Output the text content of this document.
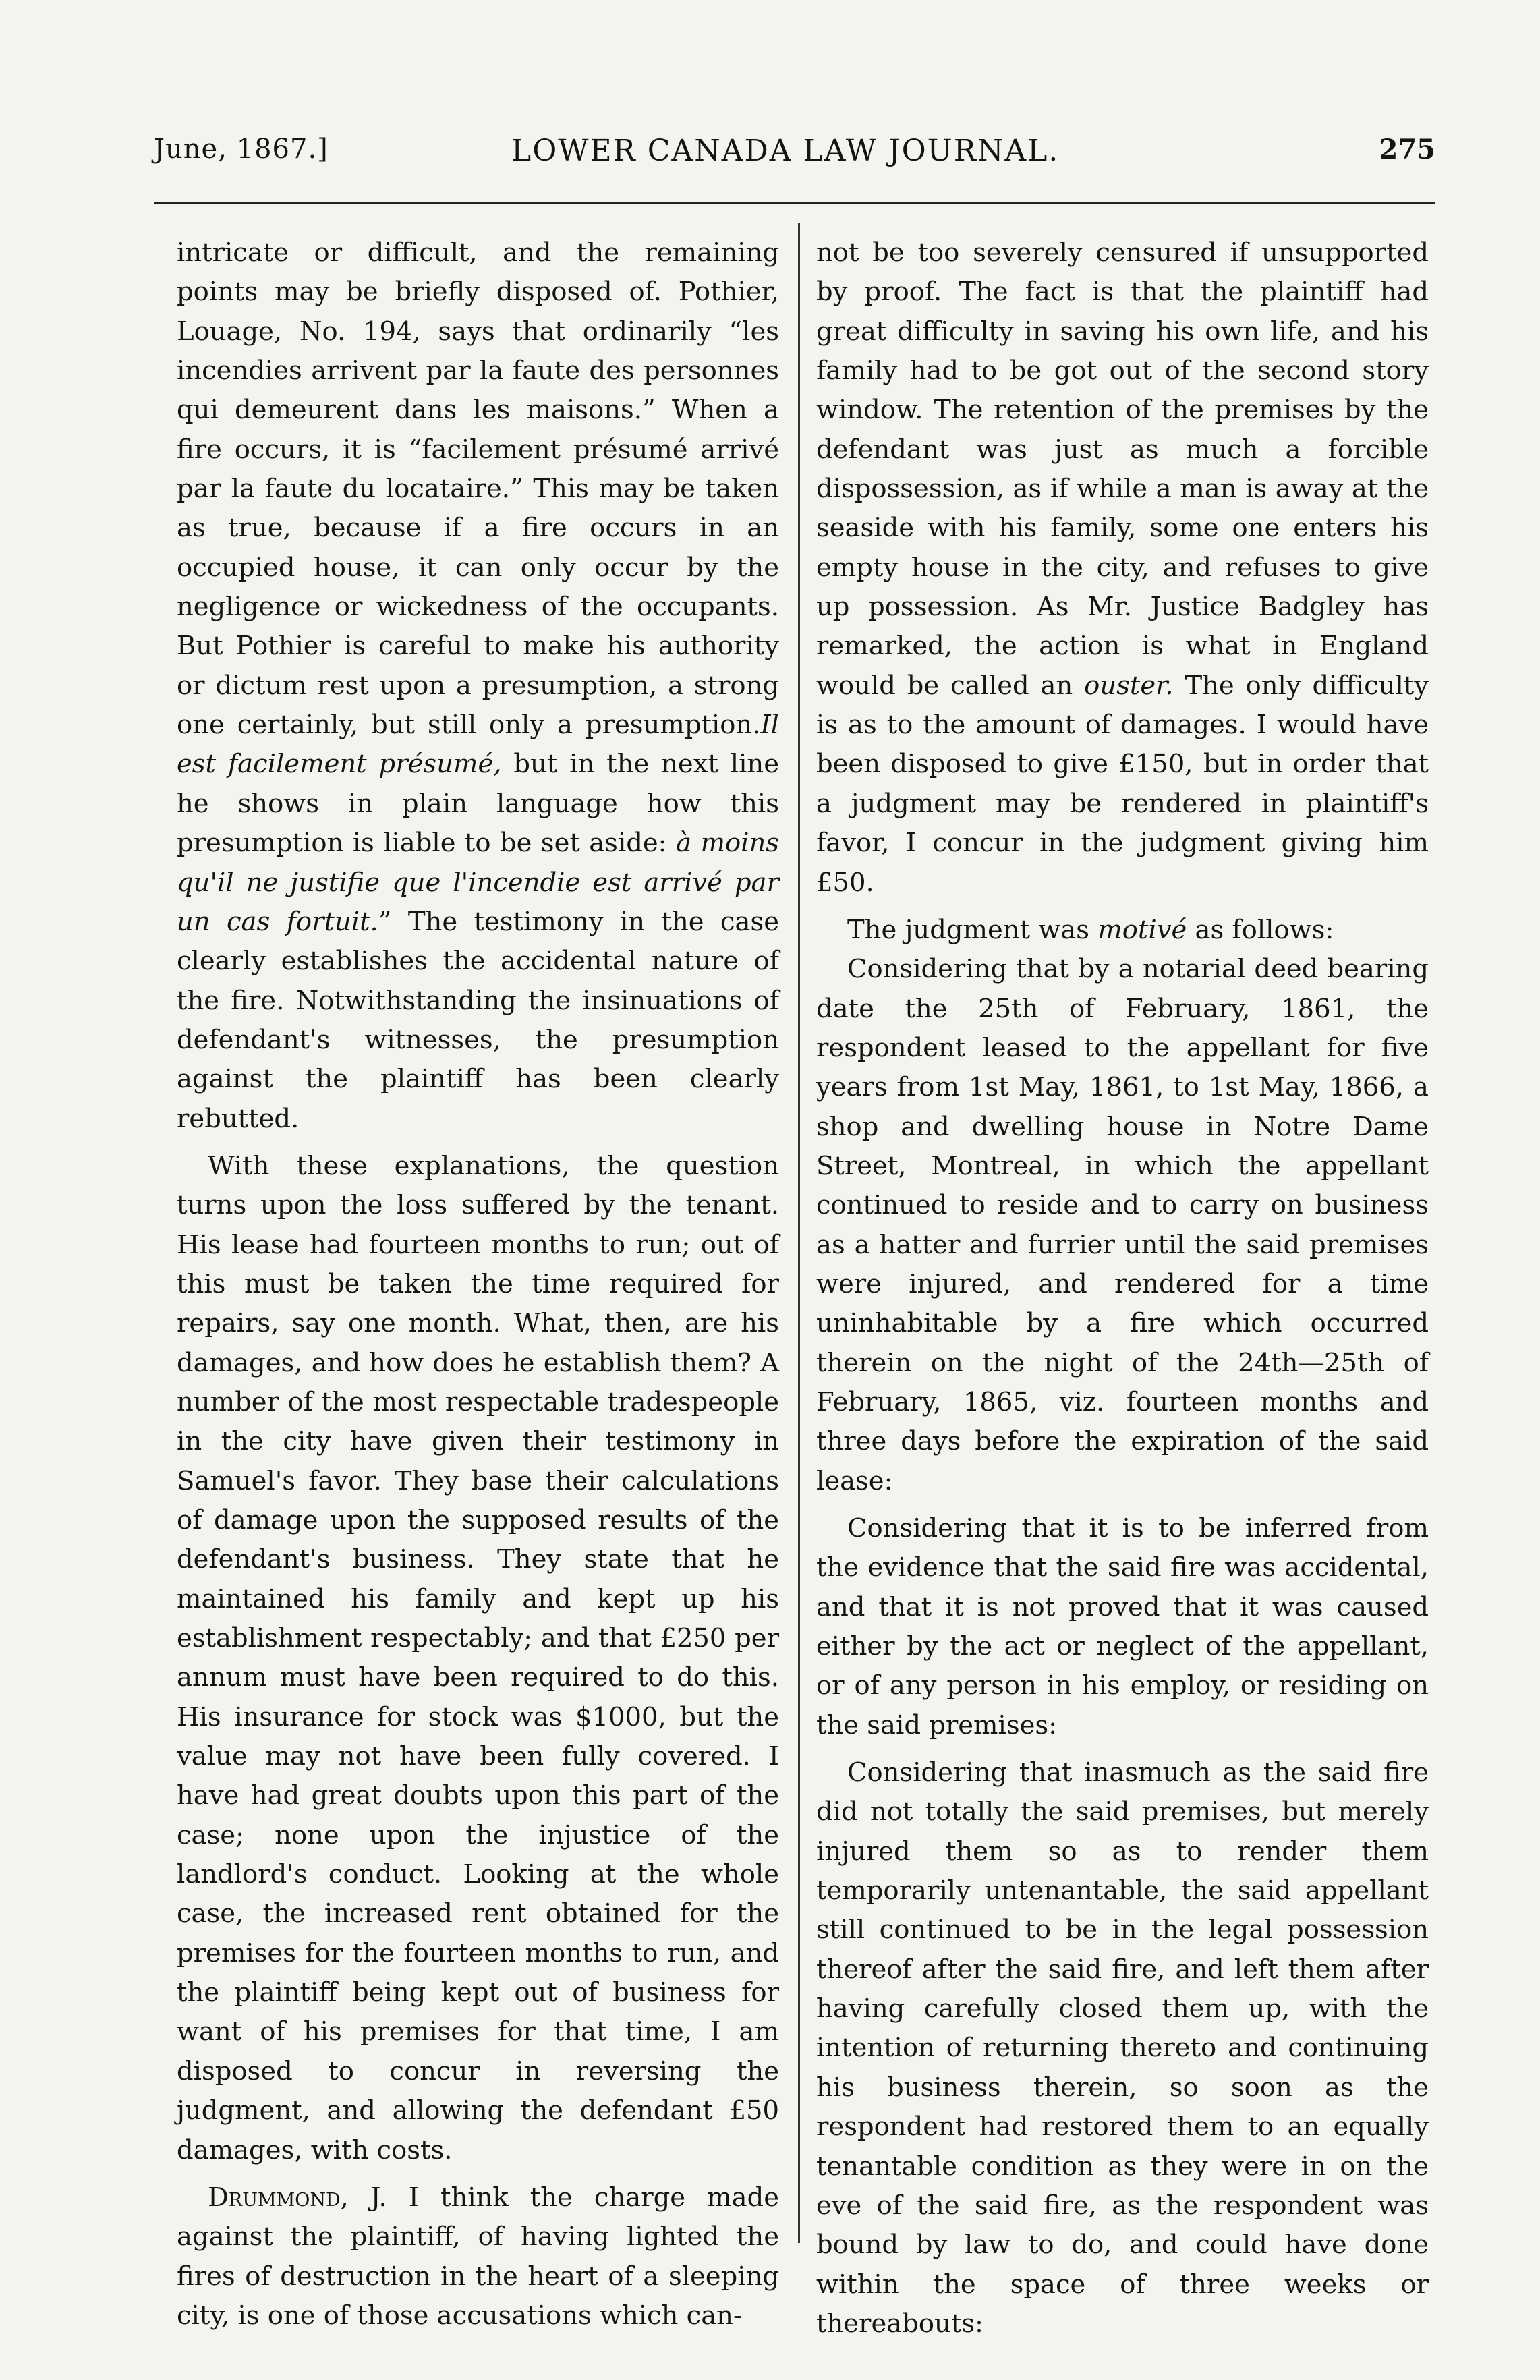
June, 1867.]	LOWER CANADA LAW JOURNAL.	275

intricate or difficult, and the remaining points may be briefly disposed of. Pothier, Louage, No. 194, says that ordinarily “les incendies arrivent par la faute des personnes qui demeurent dans les maisons.” When a fire occurs, it is “facilement présumé arrivé par la faute du locataire.” This may be taken as true, because if a fire occurs in an occupied house, it can only occur by the negligence or wickedness of the occupants. But Pothier is careful to make his authority or dictum rest upon a presumption, a strong one certainly, but still only a presumption.Il est facilement présumé, but in the next line he shows in plain language how this presumption is liable to be set aside: à moins qu'il ne justifie que l'incendie est arrivé par un cas fortuit.” The testimony in the case clearly establishes the accidental nature of the fire. Notwithstanding the insinuations of defendant's witnesses, the presumption against the plaintiff has been clearly rebutted.

With these explanations, the question turns upon the loss suffered by the tenant. His lease had fourteen months to run; out of this must be taken the time required for repairs, say one month. What, then, are his damages, and how does he establish them? A number of the most respectable tradespeople in the city have given their testimony in Samuel's favor. They base their calculations of damage upon the supposed results of the defendant's business. They state that he maintained his family and kept up his establishment respectably; and that £250 per annum must have been required to do this. His insurance for stock was $1000, but the value may not have been fully covered. I have had great doubts upon this part of the case; none upon the injustice of the landlord's conduct. Looking at the whole case, the increased rent obtained for the premises for the fourteen months to run, and the plaintiff being kept out of business for want of his premises for that time, I am disposed to concur in reversing the judgment, and allowing the defendant £50 damages, with costs.

Drummond, J. I think the charge made against the plaintiff, of having lighted the fires of destruction in the heart of a sleeping city, is one of those accusations which can-

not be too severely censured if unsupported by proof. The fact is that the plaintiff had great difficulty in saving his own life, and his family had to be got out of the second story window. The retention of the premises by the defendant was just as much a forcible dispossession, as if while a man is away at the seaside with his family, some one enters his empty house in the city, and refuses to give up possession. As Mr. Justice Badgley has remarked, the action is what in England would be called an ouster. The only difficulty is as to the amount of damages. I would have been disposed to give £150, but in order that a judgment may be rendered in plaintiff's favor, I concur in the judgment giving him £50.

The judgment was motivé as follows:

Considering that by a notarial deed bearing date the 25th of February, 1861, the respondent leased to the appellant for five years from 1st May, 1861, to 1st May, 1866, a shop and dwelling house in Notre Dame Street, Montreal, in which the appellant continued to reside and to carry on business as a hatter and furrier until the said premises were injured, and rendered for a time uninhabitable by a fire which occurred therein on the night of the 24th—25th of February, 1865, viz. fourteen months and three days before the expiration of the said lease:

Considering that it is to be inferred from the evidence that the said fire was accidental, and that it is not proved that it was caused either by the act or neglect of the appellant, or of any person in his employ, or residing on the said premises:

Considering that inasmuch as the said fire did not totally the said premises, but merely injured them so as to render them temporarily untenantable, the said appellant still continued to be in the legal possession thereof after the said fire, and left them after having carefully closed them up, with the intention of returning thereto and continuing his business therein, so soon as the respondent had restored them to an equally tenantable condition as they were in on the eve of the said fire, as the respondent was bound by law to do, and could have done within the space of three weeks or thereabouts:
